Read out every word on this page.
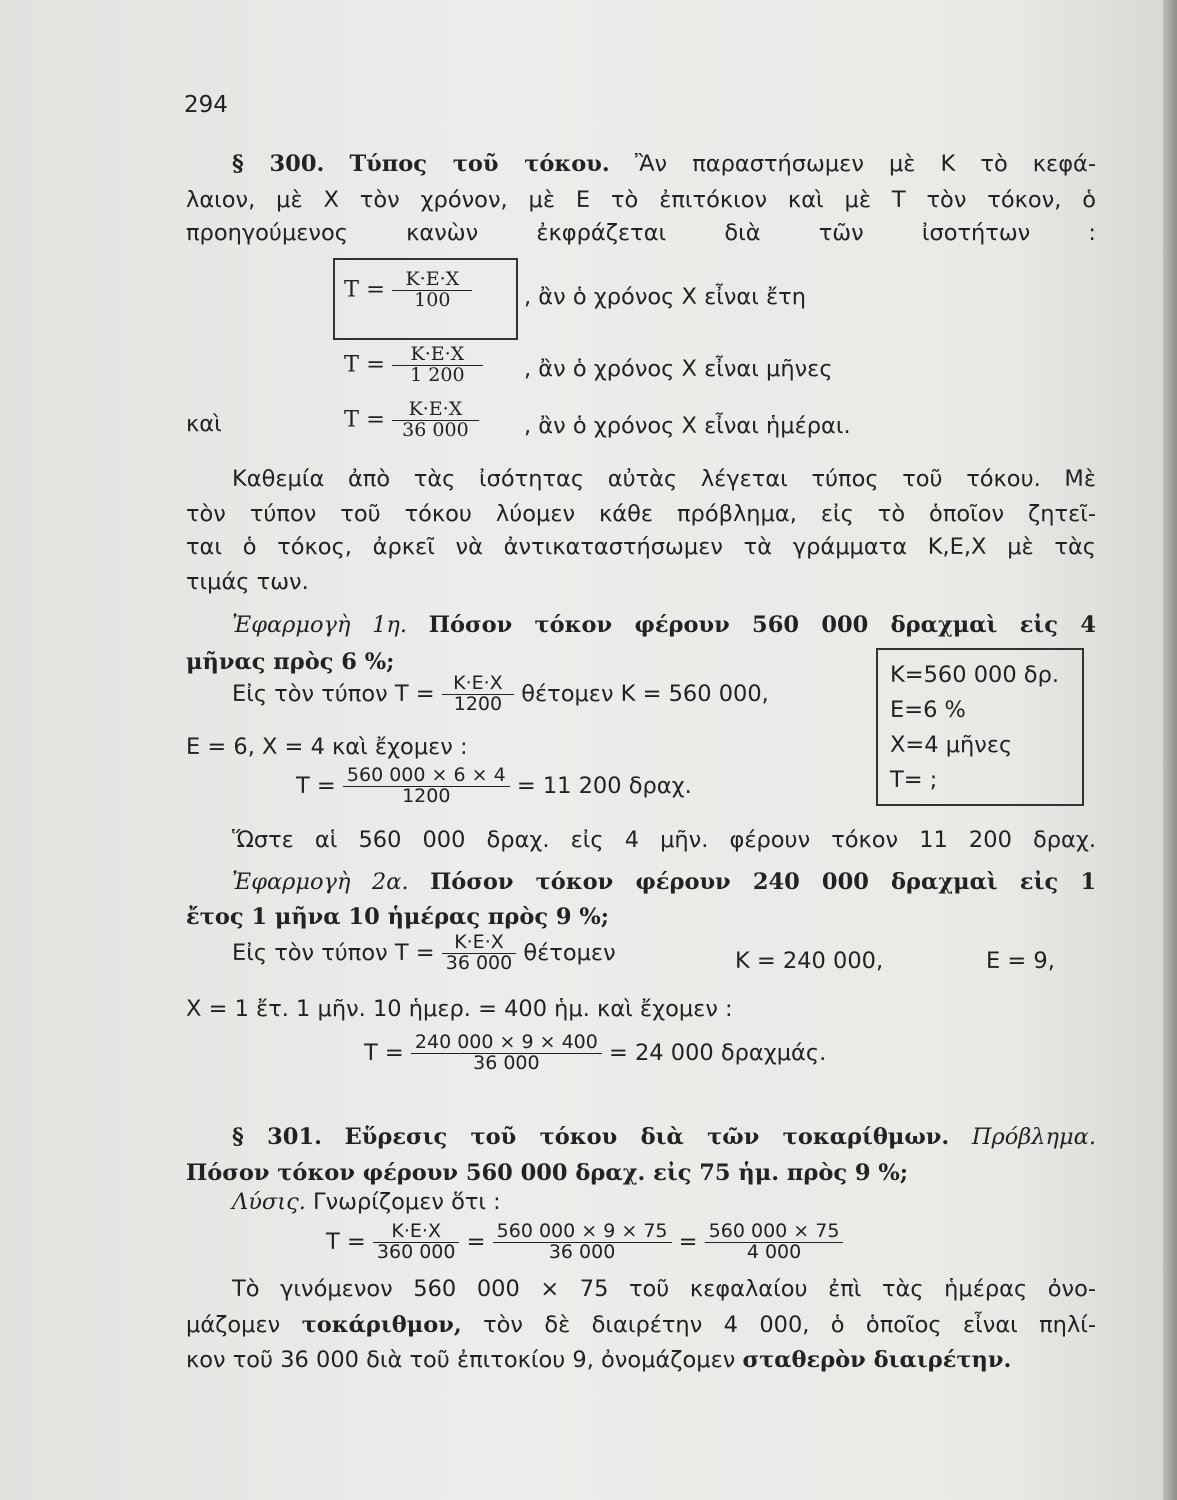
294
§ 300. Τύπος τοῦ τόκου. Ἂν παραστήσωμεν μὲ Κ τὸ κεφά-
λαιον, μὲ Χ τὸν χρόνον, μὲ Ε τὸ ἐπιτόκιον καὶ μὲ Τ τὸν τόκον, ὁ
προηγούμενος κανὼν ἐκφράζεται διὰ τῶν ἰσοτήτων :
$T = \frac{K\cdot E\cdot X}{100}$ , ἂν ὁ χρόνος Χ εἶναι ἔτη
$T = \frac{K\cdot E\cdot X}{1 200}$ , ἂν ὁ χρόνος Χ εἶναι μῆνες
καὶ	$T = \frac{K\cdot E\cdot X}{36 000}$ , ἂν ὁ χρόνος Χ εἶναι ἡμέραι.
Καθεμία ἀπὸ τὰς ἰσότητας αὐτὰς λέγεται τύπος τοῦ τόκου. Μὲ
τὸν τύπον τοῦ τόκου λύομεν κάθε πρόβλημα, εἰς τὸ ὁποῖον ζητεῖ-
ται ὁ τόκος, ἀρκεῖ νὰ ἀντικαταστήσωμεν τὰ γράμματα Κ,Ε,Χ μὲ τὰς
τιμάς των.
Ἐφαρμογὴ 1η. Πόσον τόκον φέρουν 560 000 δραχμαὶ εἰς 4
μῆνας πρὸς 6 %;	Κ=560 000 δρ.
Ε=6 %
Χ=4 μῆνες
Τ= ;
Εἰς τὸν τύπον $T = \frac{K\cdot E\cdot X}{1200}$ θέτομεν Κ = 560 000,
Ε = 6, Χ = 4 καὶ ἔχομεν :
$T = \frac{560 000 \times 6 \times 4}{1200} = 11$ 200 δραχ.
Ὥστε αἱ 560 000 δραχ. εἰς 4 μῆν. φέρουν τόκον 11 200 δραχ.
Ἐφαρμογὴ 2α. Πόσον τόκον φέρουν 240 000 δραχμαὶ εἰς 1
ἔτος 1 μῆνα 10 ἡμέρας πρὸς 9 %;
Εἰς τὸν τύπον $T = \frac{K\cdot E\cdot X}{36 000}$ θέτομεν	Κ = 240 000,	Ε = 9,
Χ = 1 ἔτ. 1 μῆν. 10 ἡμερ. = 400 ἡμ. καὶ ἔχομεν :
$T = \frac{240 000 \times 9 \times 400}{36 000} = 24$ 000 δραχμάς.
§ 301. Εὕρεσις τοῦ τόκου διὰ τῶν τοκαρίθμων. Πρόβλημα.
Πόσον τόκον φέρουν 560 000 δραχ. εἰς 75 ἡμ. πρὸς 9 %;
Λύσις. Γνωρίζομεν ὅτι :
$T = \frac{K\cdot E\cdot X}{360 000} = \frac{560 000 \times 9 \times 75}{36 000} = \frac{560 000 \times 75}{4 000}$
Τὸ γινόμενον 560 000 × 75 τοῦ κεφαλαίου ἐπὶ τὰς ἡμέρας ὀνο-
μάζομεν τοκάριθμον, τὸν δὲ διαιρέτην 4 000, ὁ ὁποῖος εἶναι πηλί-
κον τοῦ 36 000 διὰ τοῦ ἐπιτοκίου 9, ὀνομάζομεν σταθερὸν διαιρέτην.
